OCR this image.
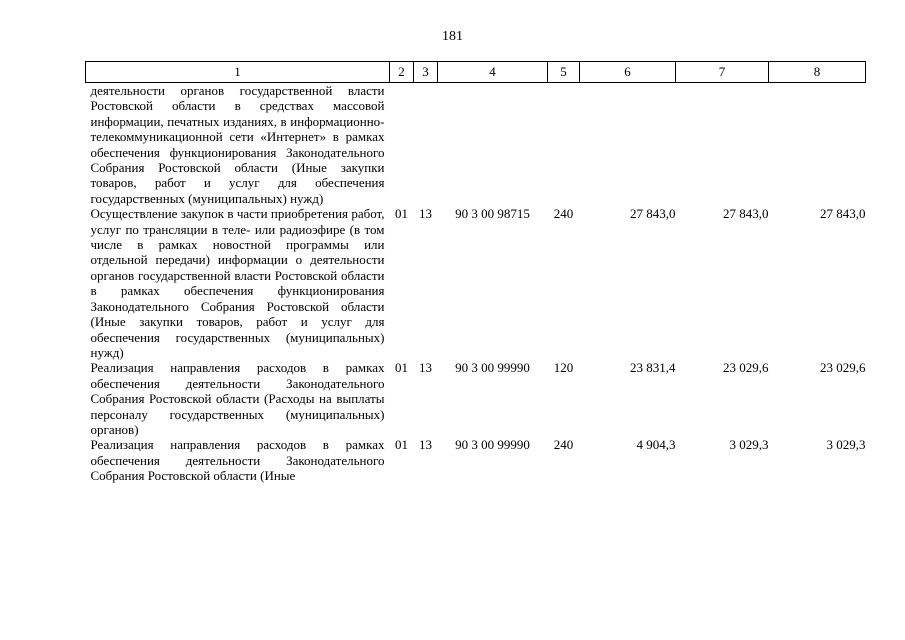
181
1	2	3	4	5	6	7	8
деятельности органов государственной власти Ростовской области в средствах массовой информации, печатных изданиях, в информационно-телекоммуникационной сети «Интернет» в рамках обеспечения функционирования Законодательного Собрания Ростовской области (Иные закупки товаров, работ и услуг для обеспечения государственных (муниципальных) нужд)							
Осуществление закупок в части приобретения работ, услуг по трансляции в теле- или радиоэфире (в том числе в рамках новостной программы или отдельной передачи) информации о деятельности органов государственной власти Ростовской области в рамках обеспечения функционирования Законодательного Собрания Ростовской области (Иные закупки товаров, работ и услуг для обеспечения государственных (муниципальных) нужд)	01	13	90 3 00 98715	240	27 843,0	27 843,0	27 843,0
Реализация направления расходов в рамках обеспечения деятельности Законодательного Собрания Ростовской области (Расходы на выплаты персоналу государственных (муниципальных) органов)	01	13	90 3 00 99990	120	23 831,4	23 029,6	23 029,6
Реализация направления расходов в рамках обеспечения деятельности Законодательного Собрания Ростовской области (Иные	01	13	90 3 00 99990	240	4 904,3	3 029,3	3 029,3
